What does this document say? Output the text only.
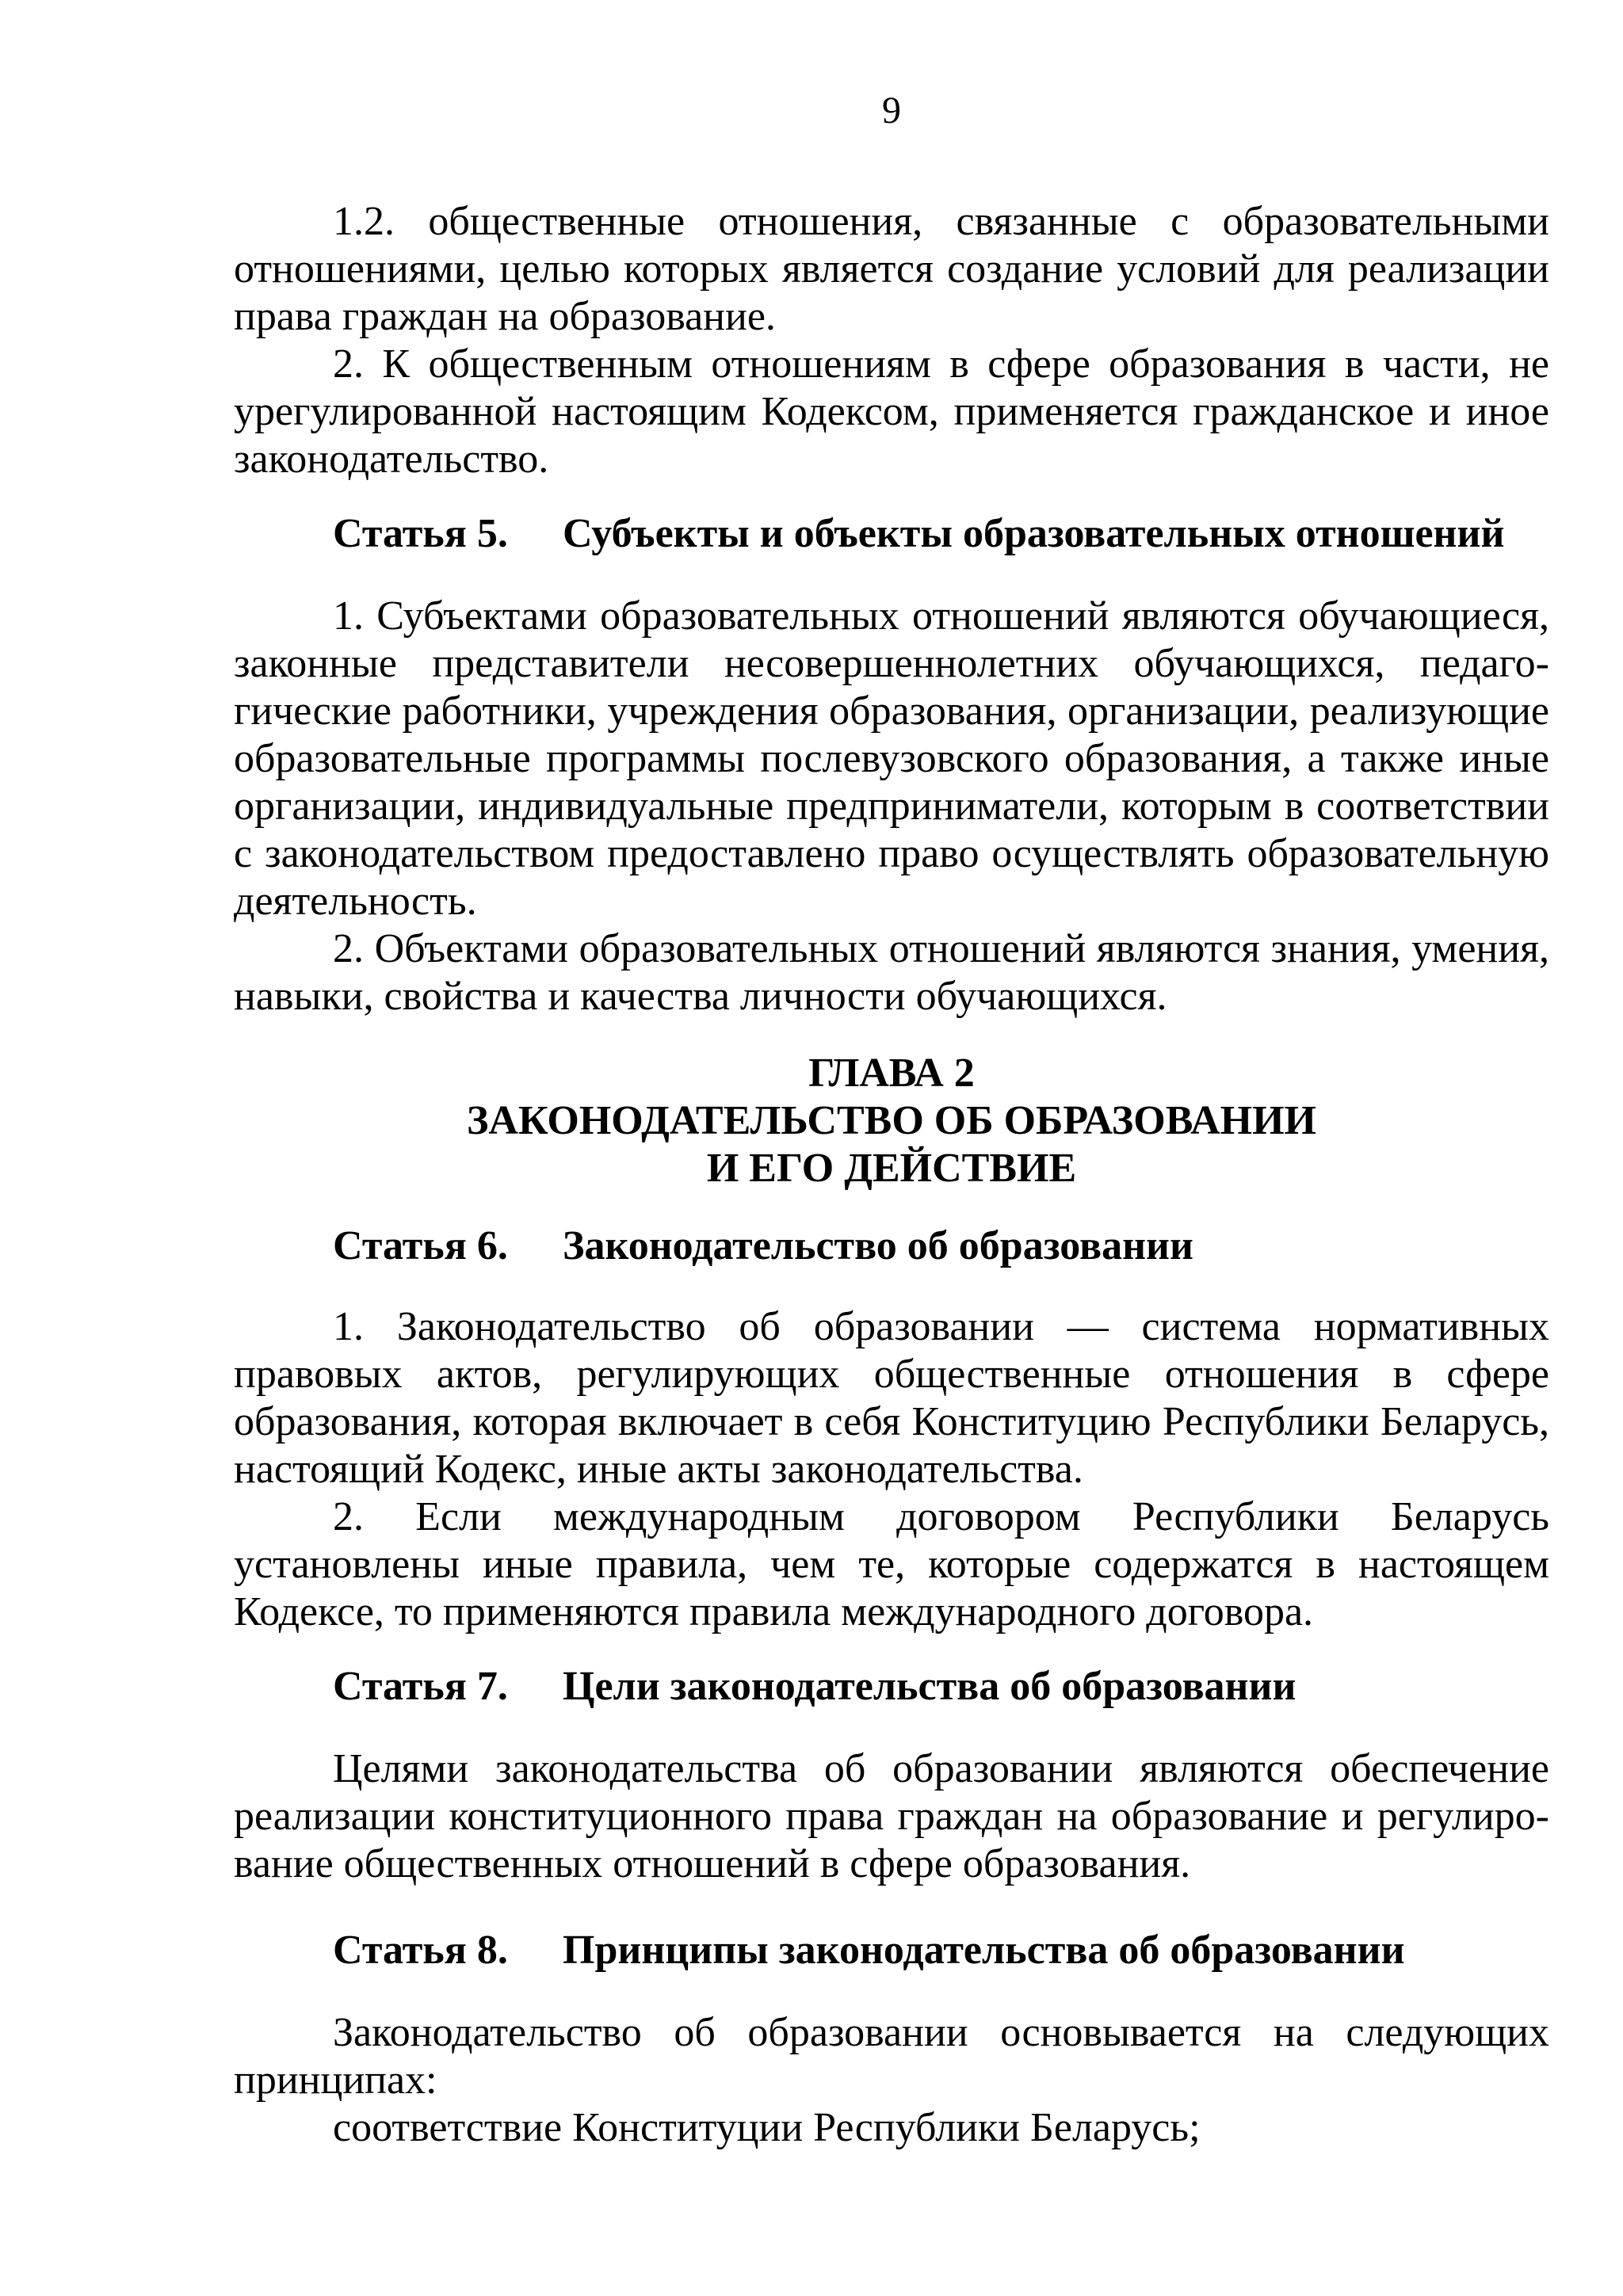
9

1.2. общественные отношения, связанные с образовательными отношениями, целью которых является создание условий для реализации права граждан на образование.

2. К общественным отношениям в сфере образования в части, не урегулированной настоящим Кодексом, применяется гражданское и иное законодательство.

Статья 5. Субъекты и объекты образовательных отношений

1. Субъектами образовательных отношений являются обучающиеся, законные представители несовершеннолетних обучающихся, педагогические работники, учреждения образования, организации, реализующие образовательные программы послевузовского образования, а также иные организации, индивидуальные предприниматели, которым в соответствии с законодательством предоставлено право осуществлять образовательную деятельность.

2. Объектами образовательных отношений являются знания, умения, навыки, свойства и качества личности обучающихся.

ГЛАВА 2

ЗАКОНОДАТЕЛЬСТВО ОБ ОБРАЗОВАНИИ

И ЕГО ДЕЙСТВИЕ

Статья 6. Законодательство об образовании

1. Законодательство об образовании — система нормативных правовых актов, регулирующих общественные отношения в сфере образования, которая включает в себя Конституцию Республики Беларусь, настоящий Кодекс, иные акты законодательства.

2. Если международным договором Республики Беларусь установлены иные правила, чем те, которые содержатся в настоящем Кодексе, то применяются правила международного договора.

Статья 7. Цели законодательства об образовании

Целями законодательства об образовании являются обеспечение реализации конституционного права граждан на образование и регулирование общественных отношений в сфере образования.

Статья 8. Принципы законодательства об образовании

Законодательство об образовании основывается на следующих принципах:

соответствие Конституции Республики Беларусь;
